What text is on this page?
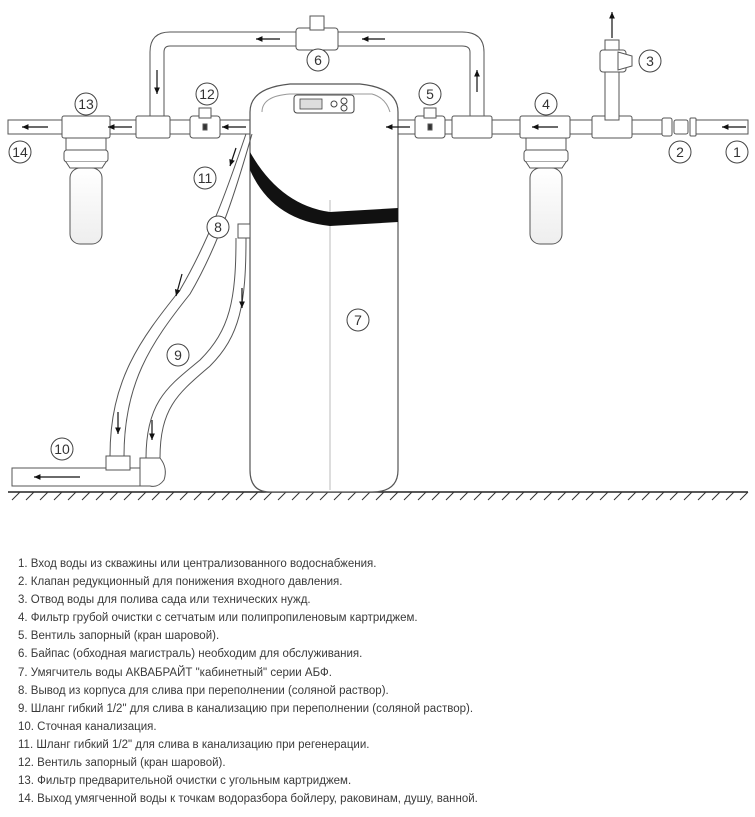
1
2
3
4
5
6
7
8
9
10
11
12
13
14
1. Вход воды из скважины или централизованного водоснабжения.
2. Клапан редукционный для понижения входного давления.
3. Отвод воды для полива сада или технических нужд.
4. Фильтр грубой очистки с сетчатым или полипропиленовым картриджем.
5. Вентиль запорный (кран шаровой).
6. Байпас (обходная магистраль) необходим для обслуживания.
7. Умягчитель воды АКВАБРАЙТ "кабинетный" серии АБФ.
8. Вывод из корпуса для слива при переполнении (соляной раствор).
9. Шланг гибкий 1/2" для слива в канализацию при переполнении (соляной раствор).
10. Сточная канализация.
11. Шланг гибкий 1/2" для слива в канализацию при регенерации.
12. Вентиль запорный (кран шаровой).
13. Фильтр предварительной очистки с угольным картриджем.
14. Выход умягченной воды к точкам водоразбора бойлеру, раковинам, душу, ванной.
